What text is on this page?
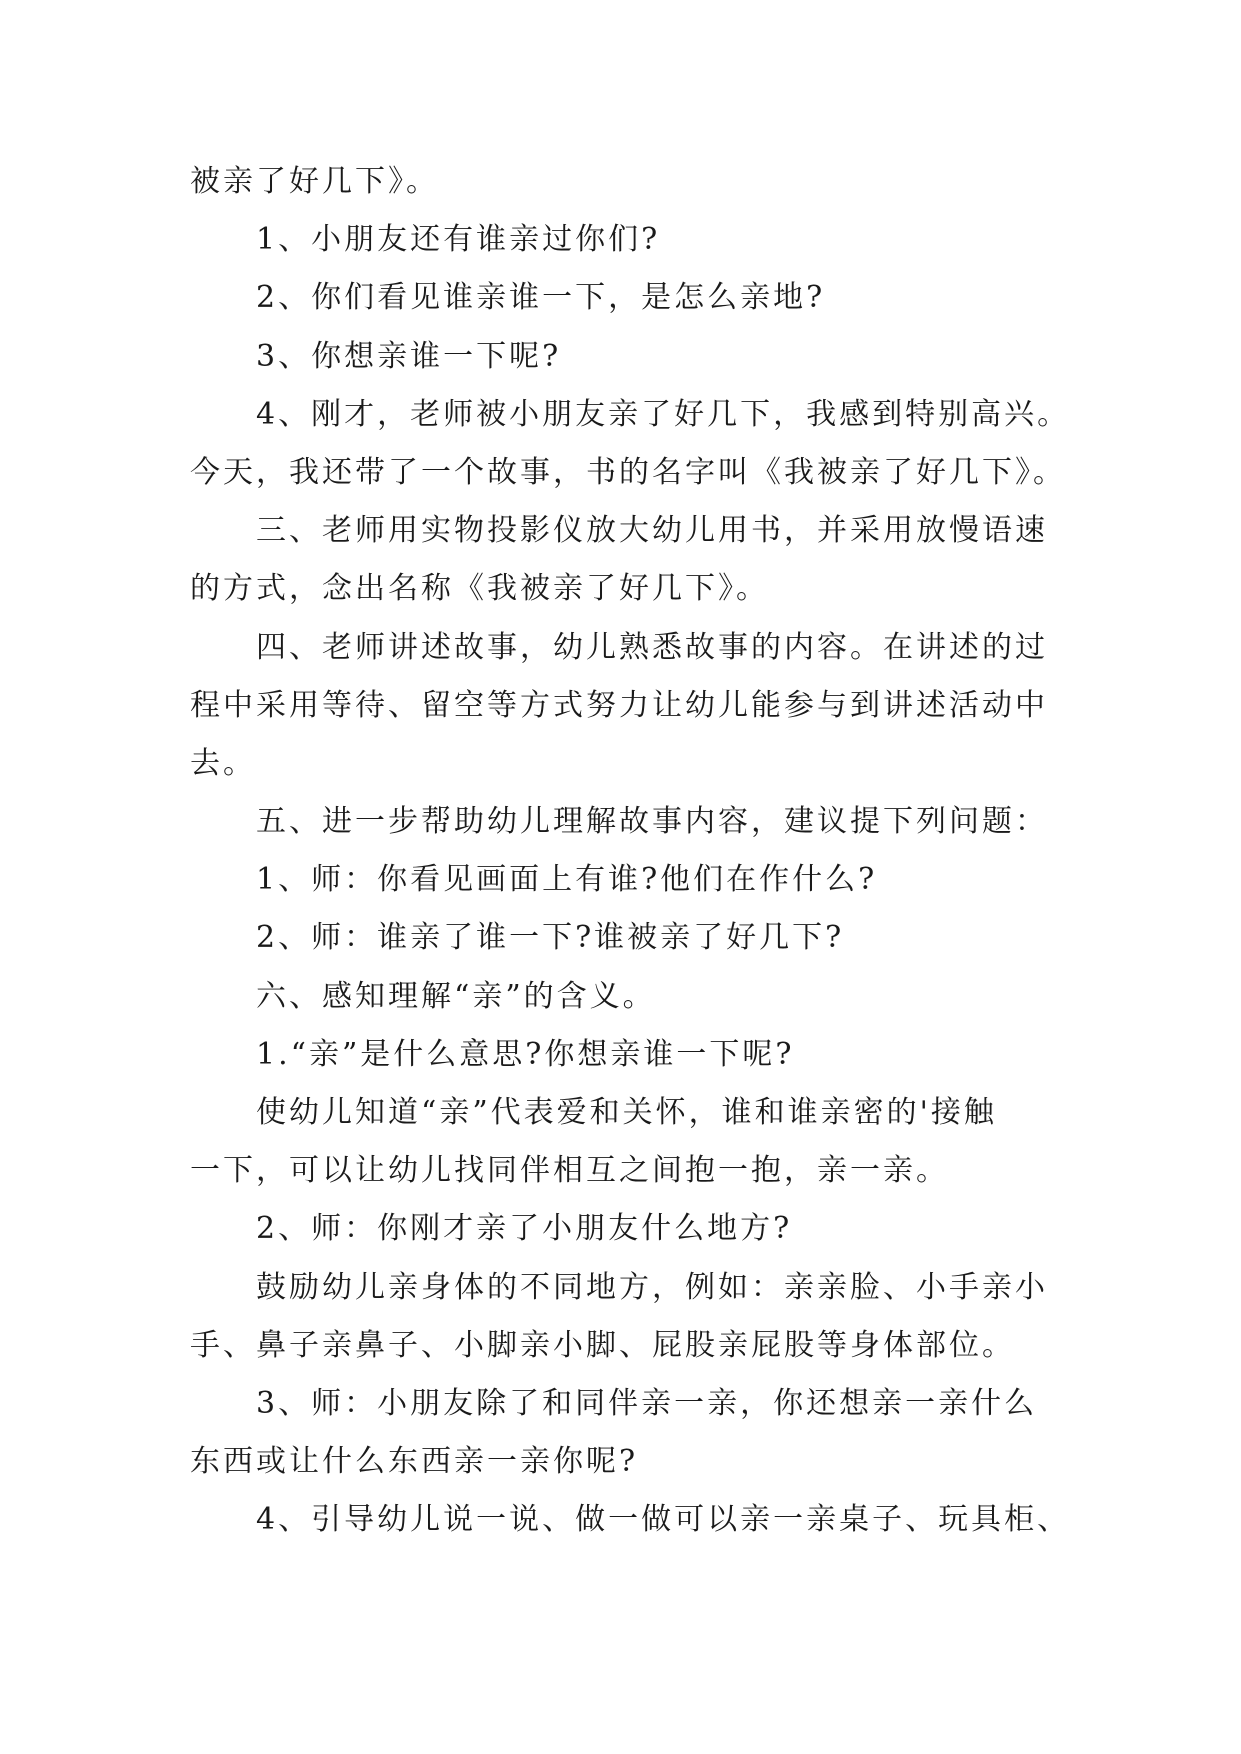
被亲了好几下》。
1、小朋友还有谁亲过你们?
2、你们看见谁亲谁一下，是怎么亲地?
3、你想亲谁一下呢?
4、刚才，老师被小朋友亲了好几下，我感到特别高兴。
今天，我还带了一个故事，书的名字叫《我被亲了好几下》。
三、老师用实物投影仪放大幼儿用书，并采用放慢语速
的方式，念出名称《我被亲了好几下》。
四、老师讲述故事，幼儿熟悉故事的内容。在讲述的过
程中采用等待、留空等方式努力让幼儿能参与到讲述活动中
去。
五、进一步帮助幼儿理解故事内容，建议提下列问题：
1、师：你看见画面上有谁?他们在作什么?
2、师：谁亲了谁一下?谁被亲了好几下?
六、感知理解“亲”的含义。
1.“亲”是什么意思?你想亲谁一下呢?
使幼儿知道“亲”代表爱和关怀，谁和谁亲密的'接触
一下，可以让幼儿找同伴相互之间抱一抱，亲一亲。
2、师：你刚才亲了小朋友什么地方?
鼓励幼儿亲身体的不同地方，例如：亲亲脸、小手亲小
手、鼻子亲鼻子、小脚亲小脚、屁股亲屁股等身体部位。
3、师：小朋友除了和同伴亲一亲，你还想亲一亲什么
东西或让什么东西亲一亲你呢?
4、引导幼儿说一说、做一做可以亲一亲桌子、玩具柜、
